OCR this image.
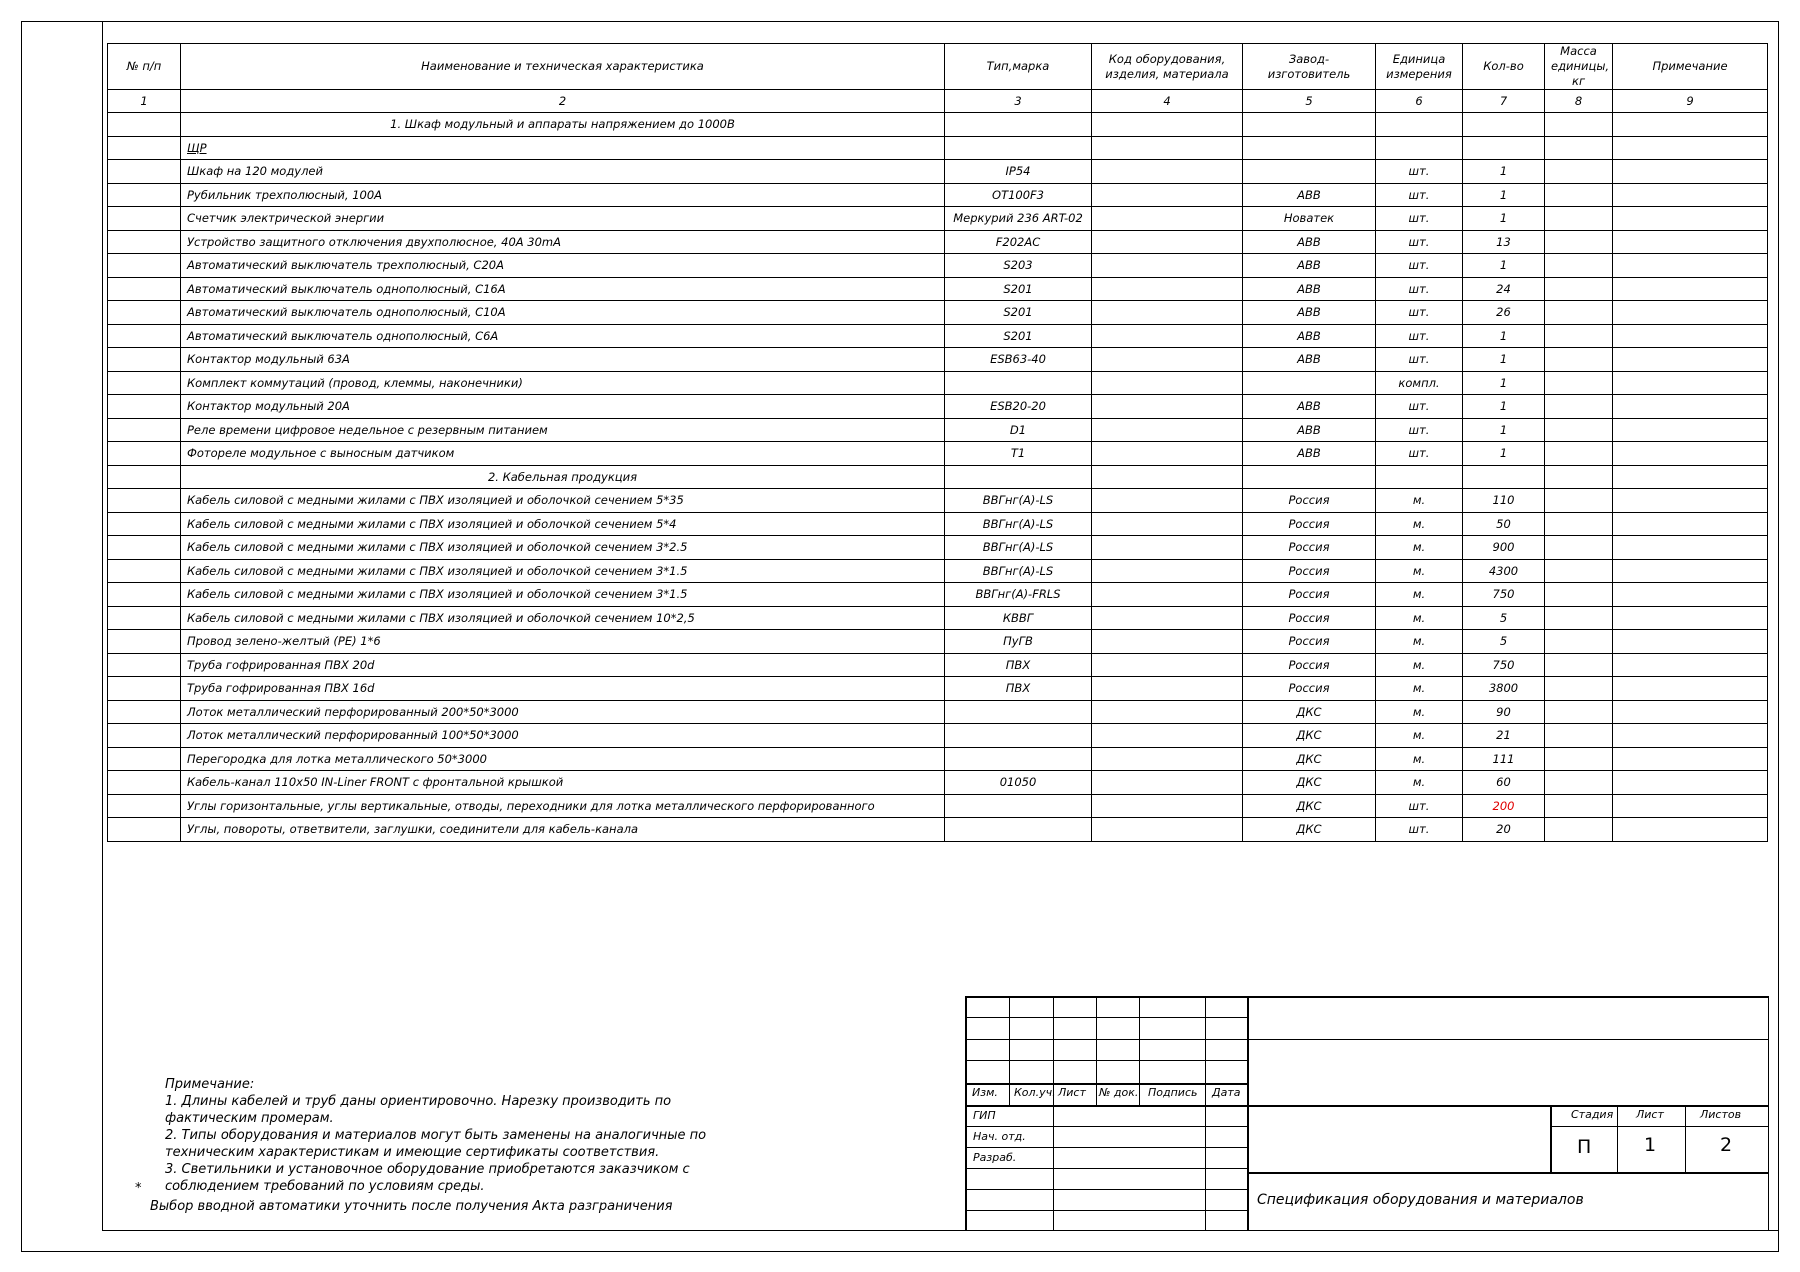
№ п/п	Наименование и техническая характеристика	Тип,марка	Код оборудования, изделия, материала	Завод-изготовитель	Единица измерения	Кол-во	Масса единицы, кг	Примечание
1	2	3	4	5	6	7	8	9
	1. Шкаф модульный и аппараты напряжением до 1000В							
	ЩР							
	Шкаф на 120 модулей	IP54			шт.	1		
	Рубильник трехполюсный, 100А	OT100F3		ABB	шт.	1		
	Счетчик электрической энергии	Меркурий 236 ART-02		Новатек	шт.	1		
	Устройство защитного отключения двухполюсное, 40А 30mA	F202AC		ABB	шт.	13		
	Автоматический выключатель трехполюсный, С20А	S203		ABB	шт.	1		
	Автоматический выключатель однополюсный, С16А	S201		ABB	шт.	24		
	Автоматический выключатель однополюсный, С10А	S201		ABB	шт.	26		
	Автоматический выключатель однополюсный, С6А	S201		ABB	шт.	1		
	Контактор модульный 63А	ESB63-40		ABB	шт.	1		
	Комплект коммутаций (провод, клеммы, наконечники)				компл.	1		
	Контактор модульный 20А	ESB20-20		ABB	шт.	1		
	Реле времени цифровое недельное с резервным питанием	D1		ABB	шт.	1		
	Фотореле модульное с выносным датчиком	T1		ABB	шт.	1		
	2. Кабельная продукция							
	Кабель силовой с медными жилами с ПВХ изоляцией и оболочкой сечением 5*35	ВВГнг(А)-LS		Россия	м.	110		
	Кабель силовой с медными жилами с ПВХ изоляцией и оболочкой сечением 5*4	ВВГнг(А)-LS		Россия	м.	50		
	Кабель силовой с медными жилами с ПВХ изоляцией и оболочкой сечением 3*2.5	ВВГнг(А)-LS		Россия	м.	900		
	Кабель силовой с медными жилами с ПВХ изоляцией и оболочкой сечением 3*1.5	ВВГнг(А)-LS		Россия	м.	4300		
	Кабель силовой с медными жилами с ПВХ изоляцией и оболочкой сечением 3*1.5	ВВГнг(А)-FRLS		Россия	м.	750		
	Кабель силовой с медными жилами с ПВХ изоляцией и оболочкой сечением 10*2,5	КВВГ		Россия	м.	5		
	Провод зелено-желтый (PE) 1*6	ПуГВ		Россия	м.	5		
	Труба гофрированная ПВХ 20d	ПВХ		Россия	м.	750		
	Труба гофрированная ПВХ 16d	ПВХ		Россия	м.	3800		
	Лоток металлический перфорированный 200*50*3000			ДКС	м.	90		
	Лоток металлический перфорированный 100*50*3000			ДКС	м.	21		
	Перегородка для лотка металлического 50*3000			ДКС	м.	111		
	Кабель-канал 110х50 IN-Liner FRONT с фронтальной крышкой	01050		ДКС	м.	60		
	Углы горизонтальные, углы вертикальные, отводы, переходники для лотка металлического перфорированного			ДКС	шт.	200		
	Углы, повороты, ответвители, заглушки, соединители для кабель-канала			ДКС	шт.	20		
Примечание:
1. Длины кабелей и труб даны ориентировочно. Нарезку производить по
фактическим промерам.
2. Типы оборудования и материалов могут быть заменены на аналогичные по
техническим характеристикам и имеющие сертификаты соответствия.
3. Светильники и установочное оборудование приобретаются заказчиком с
соблюдением требований по условиям среды.
*
Выбор вводной автоматики уточнить после получения Акта разграничения
Изм. Кол.уч. Лист № док. Подпись Дата
ГИП
Нач. отд.
Разраб.
Стадия Лист	Листов
П	1	2
Спецификация оборудования и материалов
